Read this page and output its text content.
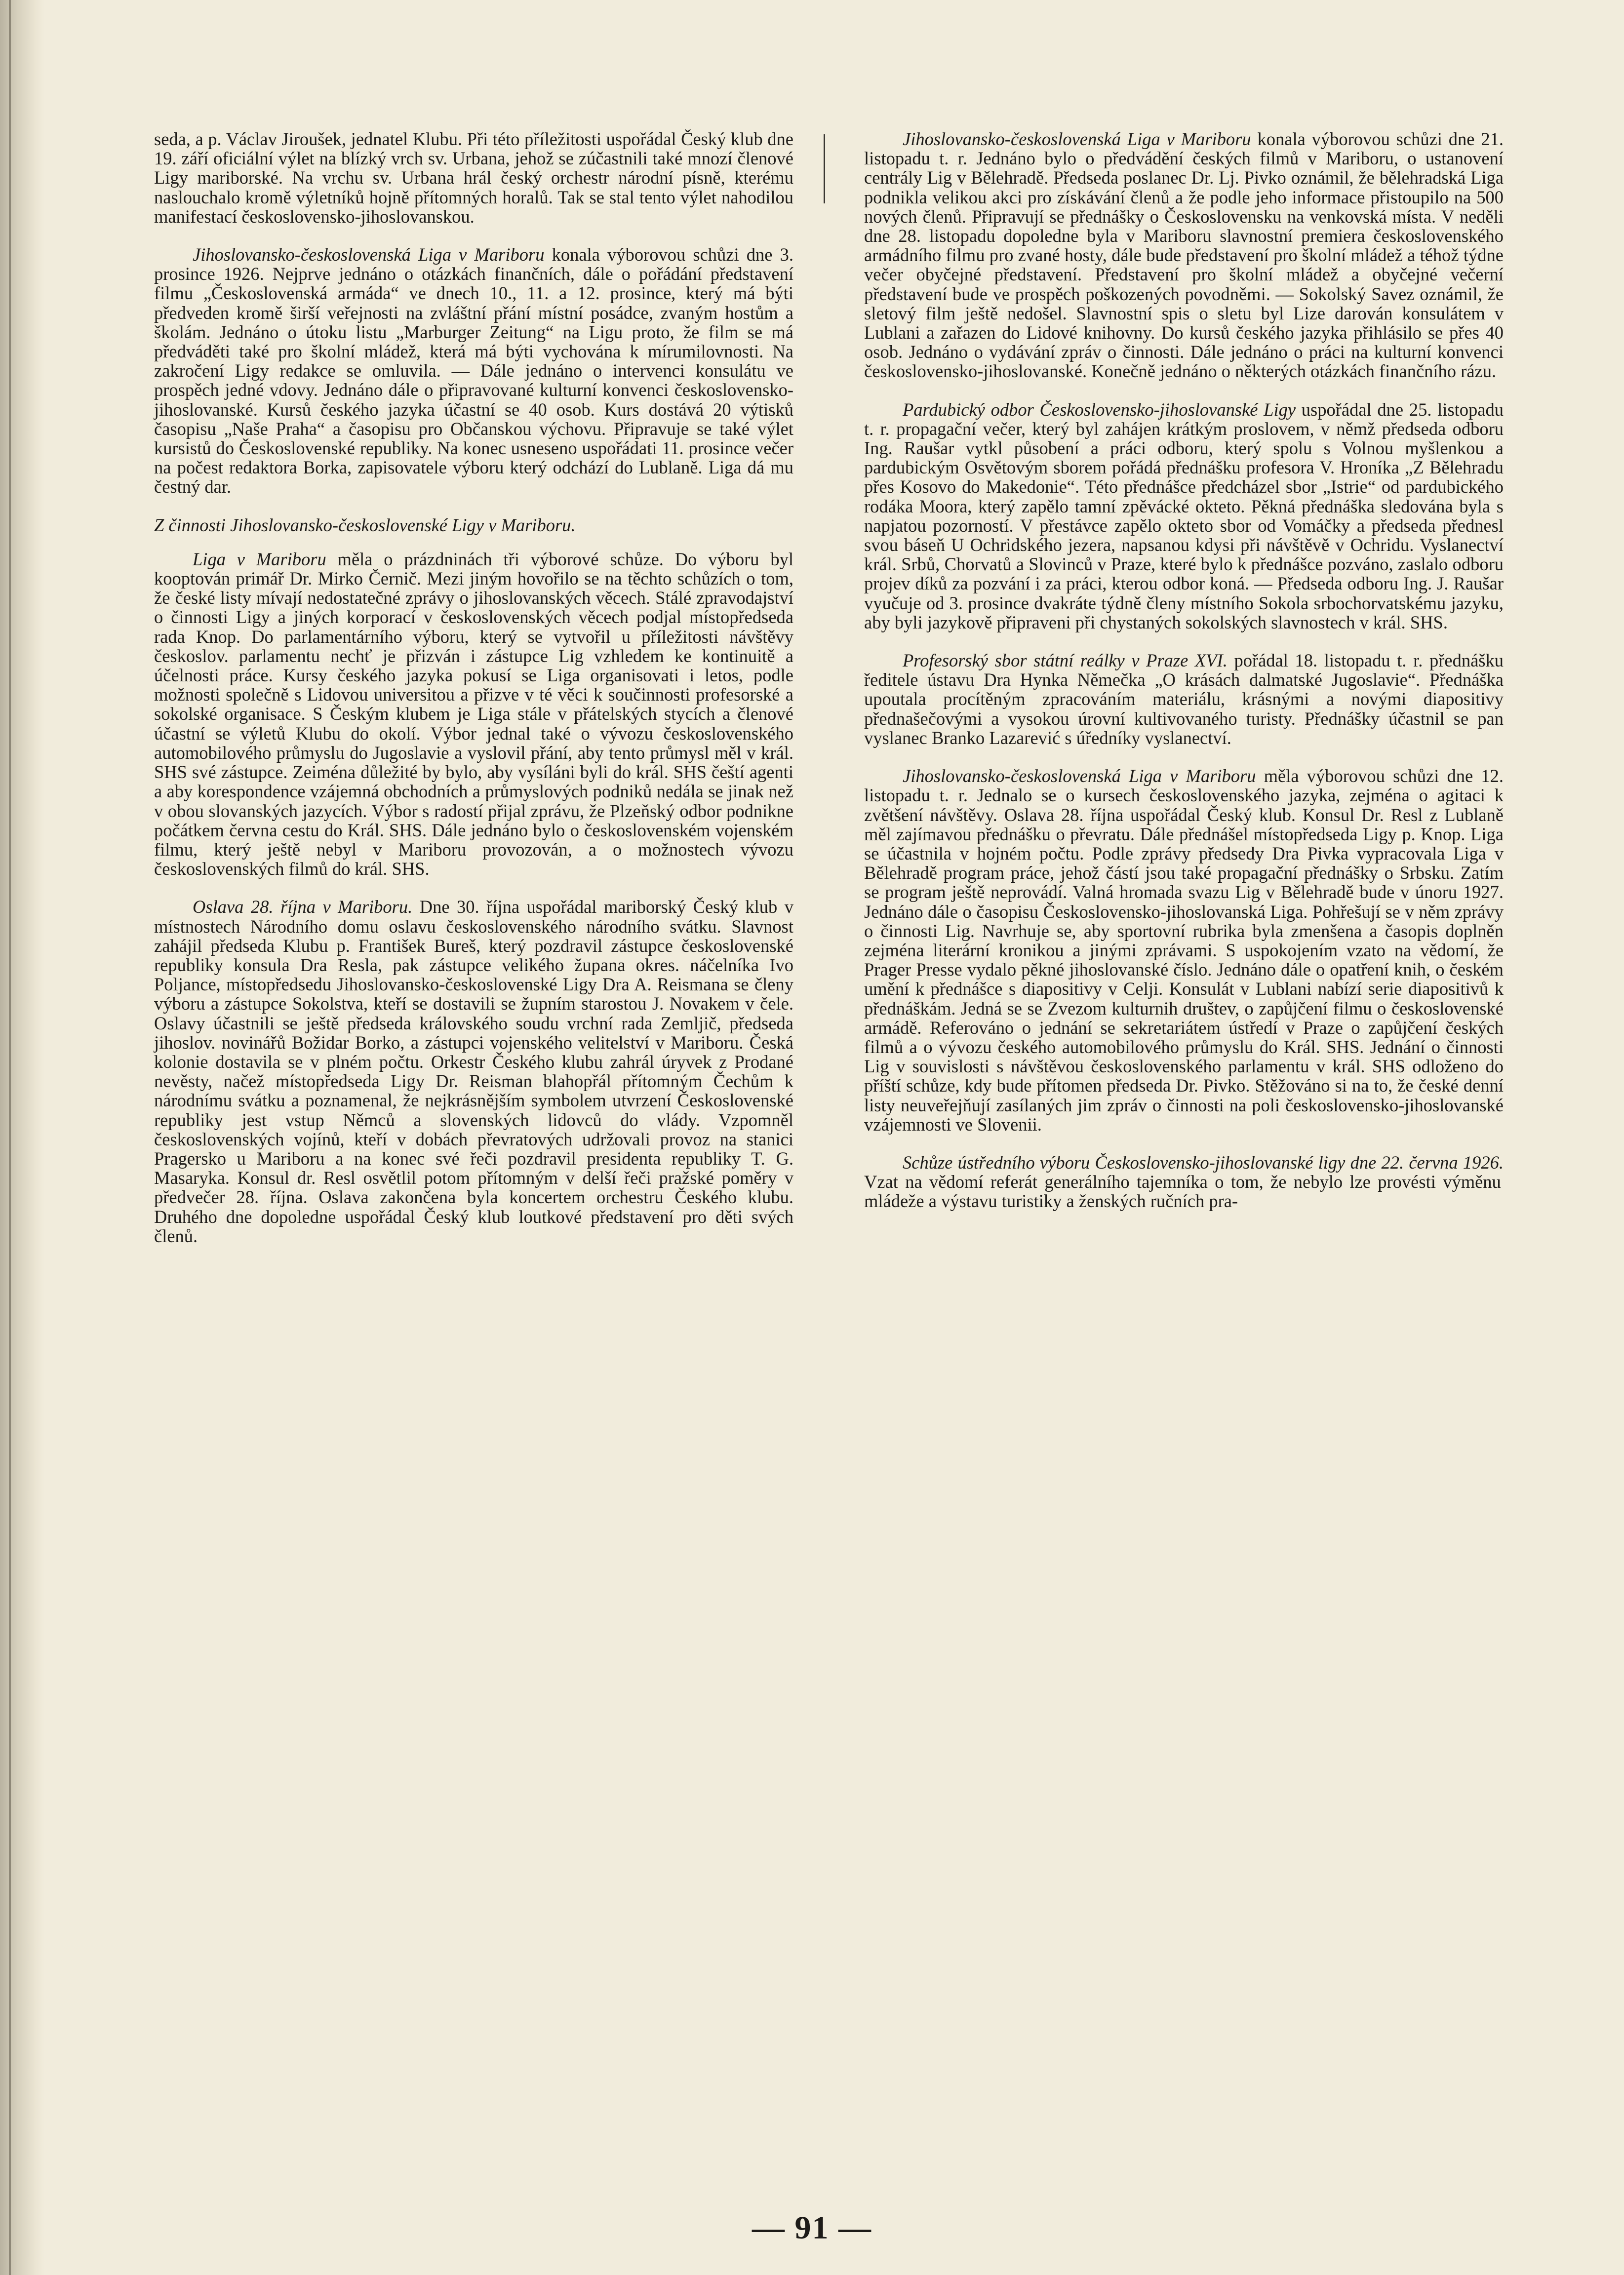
seda, a p. Václav Jiroušek, jednatel Klubu. Při této příležitosti uspořádal Český klub dne 19. září oficiální výlet na blízký vrch sv. Urbana, jehož se zúčastnili také mnozí členové Ligy mariborské. Na vrchu sv. Urbana hrál český orchestr národní písně, kterému naslouchalo kromě výletníků hojně přítomných horalů. Tak se stal tento výlet nahodilou manifestací československo-jihoslovanskou.

Jihoslovansko-československá Liga v Mariboru konala výborovou schůzi dne 3. prosince 1926. Nejprve jednáno o otázkách finančních, dále o pořádání představení filmu „Československá armáda“ ve dnech 10., 11. a 12. prosince, který má býti předveden kromě širší veřejnosti na zvláštní přání místní posádce, zvaným hostům a školám. Jednáno o útoku listu „Marburger Zeitung“ na Ligu proto, že film se má předváděti také pro školní mládež, která má býti vychována k mírumilovnosti. Na zakročení Ligy redakce se omluvila. — Dále jednáno o intervenci konsulátu ve prospěch jedné vdovy. Jednáno dále o připravované kulturní konvenci československo-jihoslovanské. Kursů českého jazyka účastní se 40 osob. Kurs dostává 20 výtisků časopisu „Naše Praha“ a časopisu pro Občanskou výchovu. Připravuje se také výlet kursistů do Československé republiky. Na konec usneseno uspořádati 11. prosince večer na počest redaktora Borka, zapisovatele výboru který odchází do Lublaně. Liga dá mu čestný dar.

Z činnosti Jihoslovansko-československé Ligy v Mariboru.

Liga v Mariboru měla o prázdninách tři výborové schůze. Do výboru byl kooptován primář Dr. Mirko Černič. Mezi jiným hovořilo se na těchto schůzích o tom, že české listy mívají nedostatečné zprávy o jihoslovanských věcech. Stálé zpravodajství o činnosti Ligy a jiných korporací v československých věcech podjal místopředseda rada Knop. Do parlamentárního výboru, který se vytvořil u příležitosti návštěvy českoslov. parlamentu nechť je přizván i zástupce Lig vzhledem ke kontinuitě a účelnosti práce. Kursy českého jazyka pokusí se Liga organisovati i letos, podle možnosti společně s Lidovou universitou a přizve v té věci k součinnosti profesorské a sokolské organisace. S Českým klubem je Liga stále v přátelských stycích a členové účastní se výletů Klubu do okolí. Výbor jednal také o vývozu československého automobilového průmyslu do Jugoslavie a vyslovil přání, aby tento průmysl měl v král. SHS své zástupce. Zeiména důležité by bylo, aby vysíláni byli do král. SHS čeští agenti a aby korespondence vzájemná obchodních a průmyslových podniků nedála se jinak než v obou slovanských jazycích. Výbor s radostí přijal zprávu, že Plzeňský odbor podnikne počátkem června cestu do Král. SHS. Dále jednáno bylo o československém vojenském filmu, který ještě nebyl v Mariboru provozován, a o možnostech vývozu československých filmů do král. SHS.

Oslava 28. října v Mariboru. Dne 30. října uspořádal mariborský Český klub v místnostech Národního domu oslavu československého národního svátku. Slavnost zahájil předseda Klubu p. František Bureš, který pozdravil zástupce československé republiky konsula Dra Resla, pak zástupce velikého župana okres. náčelníka Ivo Poljance, místopředsedu Jihoslovansko-československé Ligy Dra A. Reismana se členy výboru a zástupce Sokolstva, kteří se dostavili se župním starostou J. Novakem v čele. Oslavy účastnili se ještě předseda královského soudu vrchní rada Zemljič, předseda jihoslov. novinářů Božidar Borko, a zástupci vojenského velitelství v Mariboru. Česká kolonie dostavila se v plném počtu. Orkestr Českého klubu zahrál úryvek z Prodané nevěsty, načež místopředseda Ligy Dr. Reisman blahopřál přítomným Čechům k národnímu svátku a poznamenal, že nejkrásnějším symbolem utvrzení Československé republiky jest vstup Němců a slovenských lidovců do vlády. Vzpomněl československých vojínů, kteří v dobách převratových udržovali provoz na stanici Pragersko u Mariboru a na konec své řeči pozdravil presidenta republiky T. G. Masaryka. Konsul dr. Resl osvětlil potom přítomným v delší řeči pražské poměry v předvečer 28. října. Oslava zakončena byla koncertem orchestru Českého klubu. Druhého dne dopoledne uspořádal Český klub loutkové představení pro děti svých členů.

Jihoslovansko-československá Liga v Mariboru konala výborovou schůzi dne 21. listopadu t. r. Jednáno bylo o předvádění českých filmů v Mariboru, o ustanovení centrály Lig v Bělehradě. Předseda poslanec Dr. Lj. Pivko oznámil, že bělehradská Liga podnikla velikou akci pro získávání členů a že podle jeho informace přistoupilo na 500 nových členů. Připravují se přednášky o Československu na venkovská místa. V neděli dne 28. listopadu dopoledne byla v Mariboru slavnostní premiera československého armádního filmu pro zvané hosty, dále bude představení pro školní mládež a téhož týdne večer obyčejné představení. Představení pro školní mládež a obyčejné večerní představení bude ve prospěch poškozených povodněmi. — Sokolský Savez oznámil, že sletový film ještě nedošel. Slavnostní spis o sletu byl Lize darován konsulátem v Lublani a zařazen do Lidové knihovny. Do kursů českého jazyka přihlásilo se přes 40 osob. Jednáno o vydávání zpráv o činnosti. Dále jednáno o práci na kulturní konvenci československo-jihoslovanské. Konečně jednáno o některých otázkách finančního rázu.

Pardubický odbor Československo-jihoslovanské Ligy uspořádal dne 25. listopadu t. r. propagační večer, který byl zahájen krátkým proslovem, v němž předseda odboru Ing. Raušar vytkl působení a práci odboru, který spolu s Volnou myšlenkou a pardubickým Osvětovým sborem pořádá přednášku profesora V. Hroníka „Z Bělehradu přes Kosovo do Makedonie“. Této přednášce předcházel sbor „Istrie“ od pardubického rodáka Moora, který zapělo tamní zpěvácké okteto. Pěkná přednáška sledována byla s napjatou pozorností. V přestávce zapělo okteto sbor od Vomáčky a předseda přednesl svou báseň U Ochridského jezera, napsanou kdysi při návštěvě v Ochridu. Vyslanectví král. Srbů, Chorvatů a Slovinců v Praze, které bylo k přednášce pozváno, zaslalo odboru projev díků za pozvání i za práci, kterou odbor koná. — Předseda odboru Ing. J. Raušar vyučuje od 3. prosince dvakráte týdně členy místního Sokola srbochorvatskému jazyku, aby byli jazykově připraveni při chystaných sokolských slavnostech v král. SHS.

Profesorský sbor státní reálky v Praze XVI. pořádal 18. listopadu t. r. přednášku ředitele ústavu Dra Hynka Němečka „O krásách dalmatské Jugoslavie“. Přednáška upoutala procítěným zpracováním materiálu, krásnými a novými diapositivy přednašečovými a vysokou úrovní kultivovaného turisty. Přednášky účastnil se pan vyslanec Branko Lazarević s úředníky vyslanectví.

Jihoslovansko-československá Liga v Mariboru měla výborovou schůzi dne 12. listopadu t. r. Jednalo se o kursech československého jazyka, zejména o agitaci k zvětšení návštěvy. Oslava 28. října uspořádal Český klub. Konsul Dr. Resl z Lublaně měl zajímavou přednášku o převratu. Dále přednášel místopředseda Ligy p. Knop. Liga se účastnila v hojném počtu. Podle zprávy předsedy Dra Pivka vypracovala Liga v Bělehradě program práce, jehož částí jsou také propagační přednášky o Srbsku. Zatím se program ještě neprovádí. Valná hromada svazu Lig v Bělehradě bude v únoru 1927. Jednáno dále o časopisu Československo-jihoslovanská Liga. Pohřešují se v něm zprávy o činnosti Lig. Navrhuje se, aby sportovní rubrika byla zmenšena a časopis doplněn zejména literární kronikou a jinými zprávami. S uspokojením vzato na vědomí, že Prager Presse vydalo pěkné jihoslovanské číslo. Jednáno dále o opatření knih, o českém umění k přednášce s diapositivy v Celji. Konsulát v Lublani nabízí serie diapositivů k přednáškám. Jedná se se Zvezom kulturnih društev, o zapůjčení filmu o československé armádě. Referováno o jednání se sekretariátem ústředí v Praze o zapůjčení českých filmů a o vývozu českého automobilového průmyslu do Král. SHS. Jednání o činnosti Lig v souvislosti s návštěvou československého parlamentu v král. SHS odloženo do příští schůze, kdy bude přítomen předseda Dr. Pivko. Stěžováno si na to, že české denní listy neuveřejňují zasílaných jim zpráv o činnosti na poli československo-jihoslovanské vzájemnosti ve Slovenii.

Schůze ústředního výboru Československo-jihoslovanské ligy dne 22. června 1926. Vzat na vědomí referát generálního tajemníka o tom, že nebylo lze provésti výměnu mládeže a výstavu turistiky a ženských ručních pra-

— 91 —
